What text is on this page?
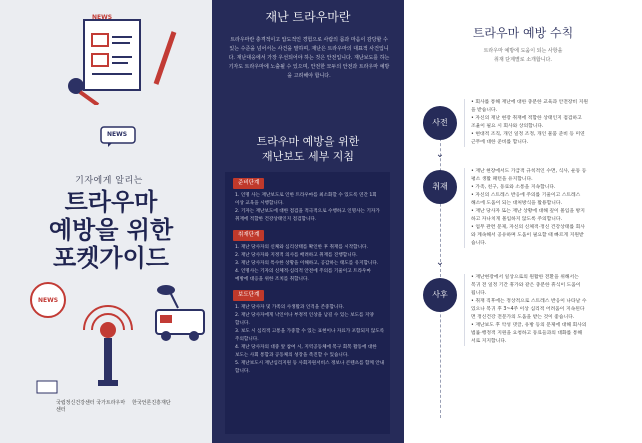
NEWS
NEWS
기자에게 알리는
트라우마
예방을 위한
포켓가이드
NEWS
국립정신건강센터 국가트라우마센터
한국언론진흥재단
재난 트라우마란
트라우마란 충격적이고 압도적인 경험으로 사람의 몸과 마음이 감당할 수 있는 수준을 넘어서는 사건을 말하며, 재난은 트라우마의 대표적 사건입니다. 재난대응에서 가장 우선되어야 하는 것은 안전입니다. 재난보도를 하는 기자도 트라우마에 노출될 수 있으며, 안전한 모두의 안전과 트라우마 예방을 고려해야 합니다.
트라우마 예방을 위한
재난보도 세부 지침
준비단계
1. 인명 사는 재난보도로 인한 트라우마를 최소화할 수 있도록 연간 1회
이상 교육을 시행합니다.
2. 기자는 재난보도에 대한 점검을 적극적으로 수행하고 인명사는 기자가
취재에 적합한 건강상태인지 점검합니다.
취재단계
1. 재난 당사자의 신체와 심리상태를 확인한 후 취재를 시작합니다.
2. 재난 당사자와 지정적 의사를 배려하고 취재를 진행합니다.
3. 재난 당사자의 특수한 상황을 이해하고, 공감하는 태도를 유지합니다.
4. 인명사는 기자의 신체적·심리적 안전에 주의를 기울이고 트라우마
예방에 대응을 위한 조치를 취합니다.
보도단계
1. 재난 당사자 및 가족의 사생활과 인격을 존중합니다.
2. 재난 당사자에게 낙인이나 부정적 인상을 남길 수 있는 보도를 지양
합니다.
3. 보도 시 심리적 고통을 가중할 수 있는 표현이나 자료가 포함되지 않도록
주의합니다.
4. 재난 당사자의 대중 앞 참여 시, 지역공동체에 복구 회복 활동에 대한
보도는 사회 통합과 공동체의 성장을 촉진할 수 있습니다.
5. 재난보도시 재난심리지원 등 사회자원서비스 정보나 콘텐츠를 함께 안내
합니다.
트라우마 예방 수칙
트라우마 예방에 도움이 되는 사항을
취재 단계별로 소개합니다.
사전
• 회사를 통해 재난에 대한 충분한 교육과 안전장비 지원
을 받습니다.
• 자신의 재난 현장 취재에 적합한 상태인지 점검하고
조율이 필요 시 회사와 상의합니다.
• 현대적 조직, 개인 일정 조정, 개인 물품 준비 등 미연
근무에 대한 준비를 합니다.
⌄
취재
• 재난 현장에서도 가급적 규칙적인 수면, 식사, 운동 등
평소 생활 패턴을 유지합니다.
• 가족, 친구, 동료와 소통을 지속합니다.
• 자신의 스트레스 반응에 주의를 기울이고 스트레스
해소에 도움이 되는 대처방식을 활용합니다.
• 재난 당사자 또는 재난 상황에 대해 깊이 몰입을 방지
하고 자나치게 몰입하지 않도록 주의합니다.
• 업무 관련 문제, 자신의 신체적·정신 건강상태를 회사
와 계속해서 공유하며 도움이 필요할 때 빠르게 지원받
습니다.
⌄
사후
• 재난현장에서 일상으로의 원활한 전환을 위해서는
복귀 전 일정 기간 휴가와 같은 충분한 휴식이 도움이
됩니다.
• 취재 직후에는 정상적으로 스트레스 반응이 나타날 수
있으나 복귀 후 3~4주 이상 심리적 어려움이 지속된다
면 정신건강 전문가의 도움을 받는 것이 좋습니다.
• 재난보도 후 악성 댓글, 유방 등의 문제에 대해 회사의
법률·행정적 지원을 요청하고 동료들과의 대화를 통해
서로 지지합니다.
